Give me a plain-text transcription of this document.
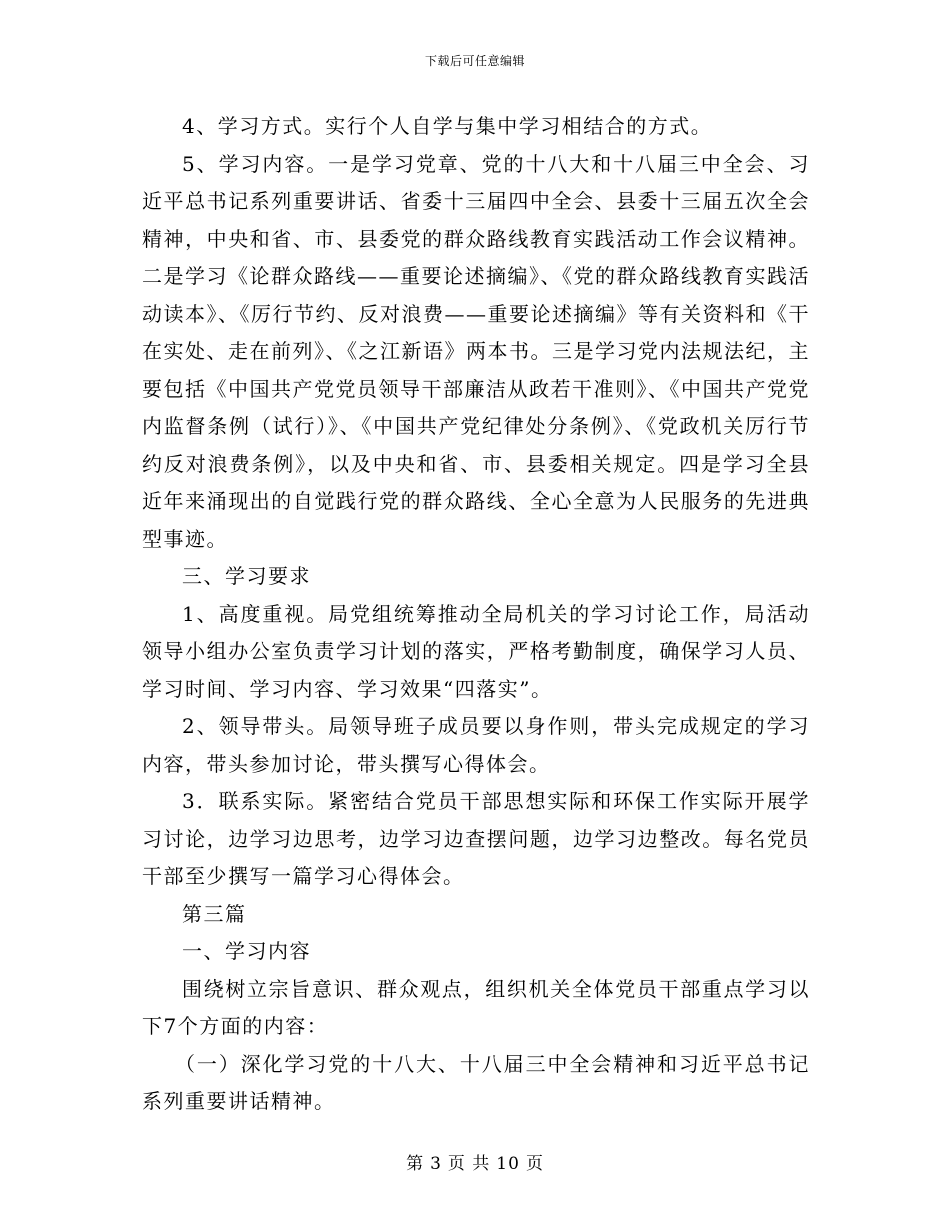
下载后可任意编辑

4、学习方式。实行个人自学与集中学习相结合的方式。

5、学习内容。一是学习党章、党的十八大和十八届三中全会、习近平总书记系列重要讲话、省委十三届四中全会、县委十三届五次全会精神，中央和省、市、县委党的群众路线教育实践活动工作会议精神。二是学习《论群众路线——重要论述摘编》、《党的群众路线教育实践活动读本》、《厉行节约、反对浪费——重要论述摘编》等有关资料和《干在实处、走在前列》、《之江新语》两本书。三是学习党内法规法纪，主要包括《中国共产党党员领导干部廉洁从政若干准则》、《中国共产党党内监督条例（试行）》、《中国共产党纪律处分条例》、《党政机关厉行节约反对浪费条例》，以及中央和省、市、县委相关规定。四是学习全县近年来涌现出的自觉践行党的群众路线、全心全意为人民服务的先进典型事迹。

三、学习要求

1、高度重视。局党组统筹推动全局机关的学习讨论工作，局活动领导小组办公室负责学习计划的落实，严格考勤制度，确保学习人员、学习时间、学习内容、学习效果“四落实”。

2、领导带头。局领导班子成员要以身作则，带头完成规定的学习内容，带头参加讨论，带头撰写心得体会。

3．联系实际。紧密结合党员干部思想实际和环保工作实际开展学习讨论，边学习边思考，边学习边查摆问题，边学习边整改。每名党员干部至少撰写一篇学习心得体会。

第三篇

一、学习内容

围绕树立宗旨意识、群众观点，组织机关全体党员干部重点学习以下7个方面的内容：

（一）深化学习党的十八大、十八届三中全会精神和习近平总书记系列重要讲话精神。

第 3 页 共 10 页
